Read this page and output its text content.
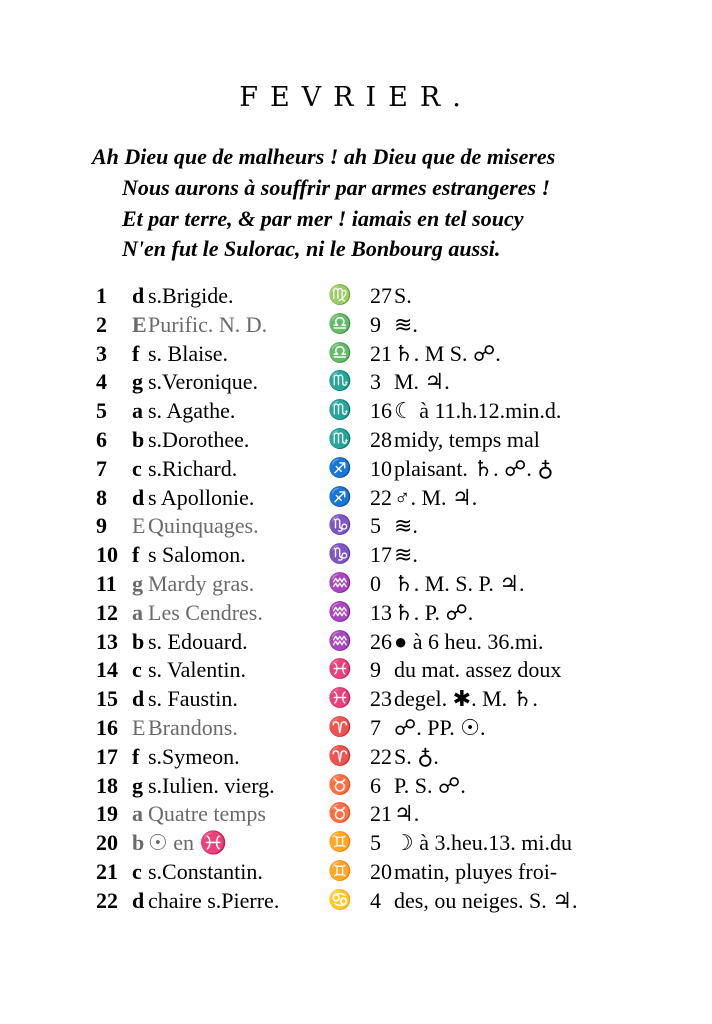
FEVRIER.
Ah Dieu que de malheurs ! ah Dieu que de miseres
Nous aurons à souffrir par armes estrangeres !
Et par terre, & par mer ! iamais en tel soucy
N'en fut le Sulorac, ni le Bonbourg aussi.
1	d s.Brigide.	♍ 27 S.
2	E Purific. N. D.	♎ 9 ≋.
3	f s. Blaise.	♎ 21 ♄. M S. ☍.
4	g s.Veronique.	♏ 3 M. ♃.
5	a s. Agathe.	♏ 16 ☾ à 11.h.12.min.d.
6	b s.Dorothee.	♏ 28 midy, temps mal
7	c s.Richard.	♐ 10 plaisant. ♄. ☍. ♁
8	d s Apollonie.	♐ 22 ♂. M. ♃.
9	E Quinquages.	♑ 5 ≋.
10 f s Salomon.	♑ 17 ≋.
11 g Mardy gras.	♒ 0 ♄. M. S. P. ♃.
12 a Les Cendres.	♒ 13 ♄. P. ☍.
13 b s. Edouard.	♒ 26 ● à 6 heu. 36.mi.
14 c s. Valentin.	♓ 9 du mat. assez doux
15 d s. Faustin.	♓ 23 degel. ✱. M. ♄.
16 E Brandons.	♈ 7 ☍. PP. ☉.
17 f s.Symeon.	♈ 22 S. ♁.
18 g s.Iulien. vierg.	♉ 6 P. S. ☍.
19 a Quatre temps	♉ 21 ♃.
20 b ☉ en ♓	♊ 5 ☽ à 3.heu.13. mi.du
21 c s.Constantin.	♊ 20 matin, pluyes froi-
22 d chaire s.Pierre.	♋ 4 des, ou neiges. S. ♃.
